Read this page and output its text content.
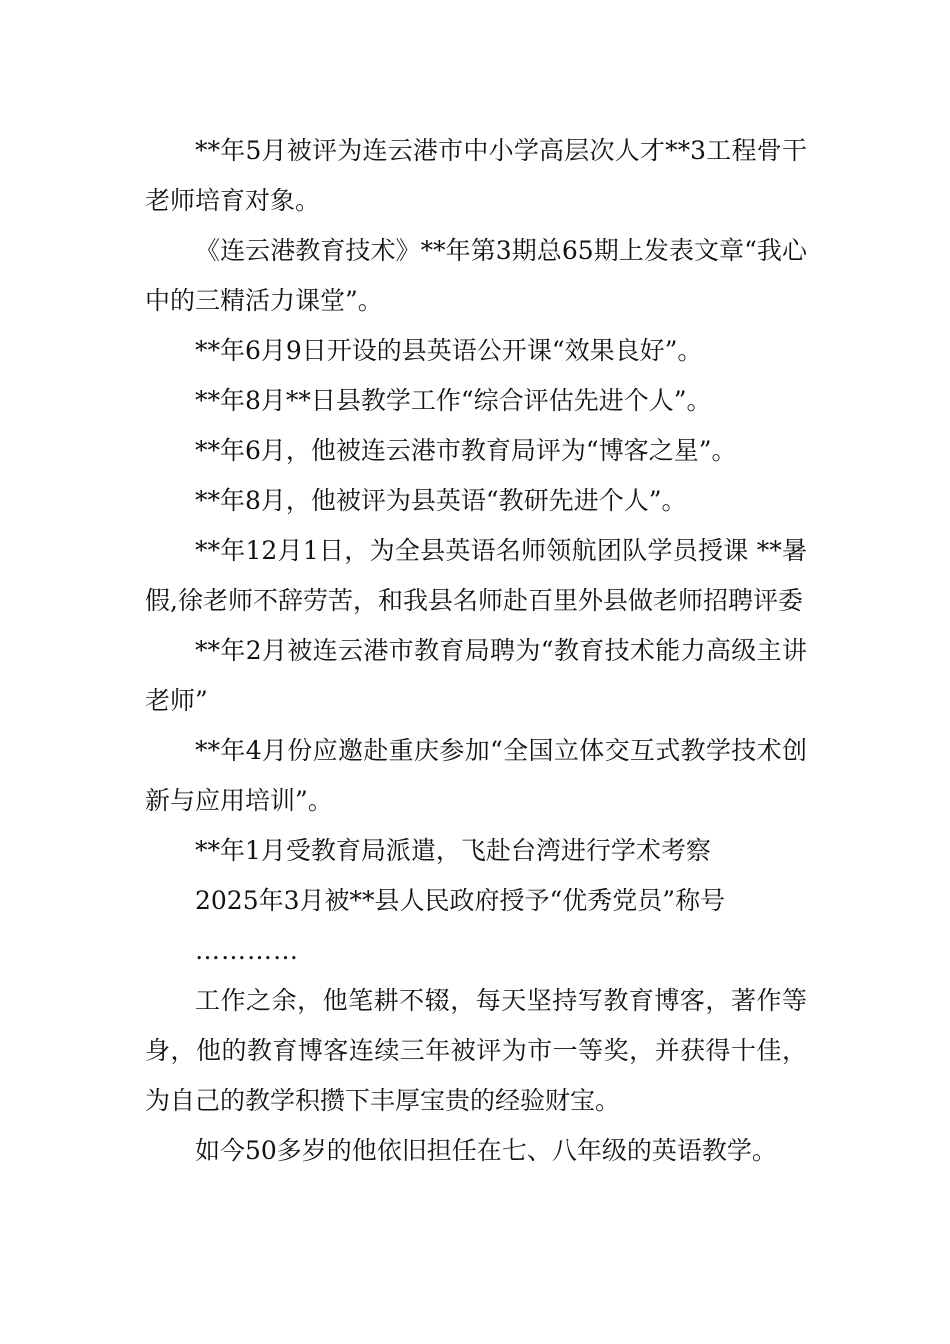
**年5月被评为连云港市中小学高层次人才**3工程骨干老师培育对象。

《连云港教育技术》**年第3期总65期上发表文章“我心中的三精活力课堂”。

**年6月9日开设的县英语公开课“效果良好”。

**年8月**日县教学工作“综合评估先进个人”。

**年6月，他被连云港市教育局评为“博客之星”。

**年8月，他被评为县英语“教研先进个人”。

**年12月1日，为全县英语名师领航团队学员授课 **暑假,徐老师不辞劳苦，和我县名师赴百里外县做老师招聘评委

**年2月被连云港市教育局聘为“教育技术能力高级主讲老师”

**年4月份应邀赴重庆参加“全国立体交互式教学技术创新与应用培训”。

**年1月受教育局派遣，飞赴台湾进行学术考察

2025年3月被**县人民政府授予“优秀党员”称号

…………

工作之余，他笔耕不辍，每天坚持写教育博客，著作等身，他的教育博客连续三年被评为市一等奖，并获得十佳，为自己的教学积攒下丰厚宝贵的经验财宝。

如今50多岁的他依旧担任在七、八年级的英语教学。
